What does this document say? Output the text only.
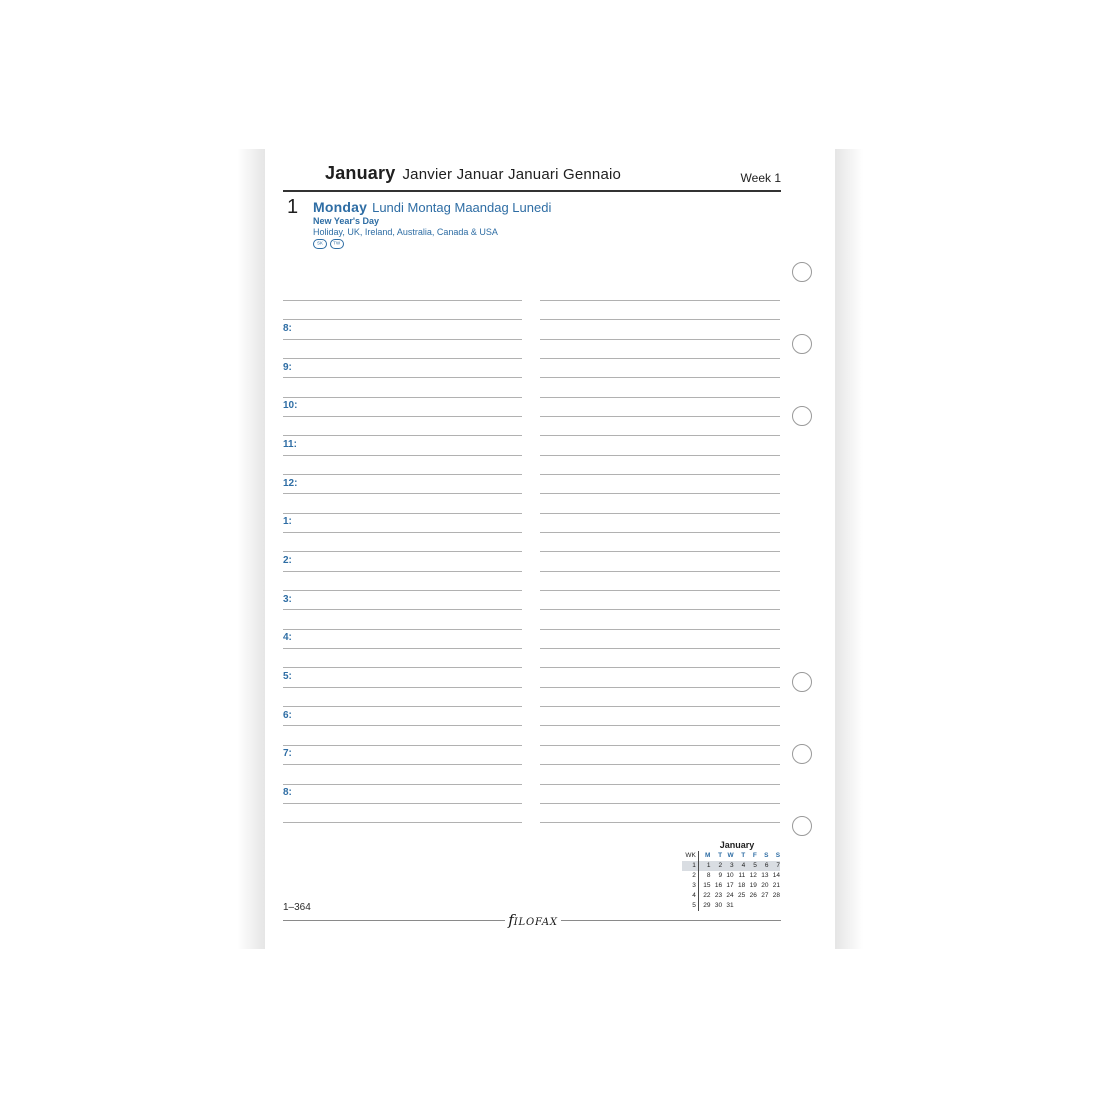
January Janvier Januar Januari Gennaio	Week 1
1 Monday Lundi Montag Maandag Lunedi
New Year's Day
Holiday, UK, Ireland, Australia, Canada & USA
SK TW
8:
9:
10:
11:
12:
1:
2:
3:
4:
5:
6:
7:
8:
January
WK	M	T W	T	F	S	S
1	1	2	3	4	5	6	7
2	8	9 10 11 12 13 14
3	15 16 17 18 19 20 21
4	22 23 24 25 26 27 28
5	29 30 31
1–364
fILOFAX
